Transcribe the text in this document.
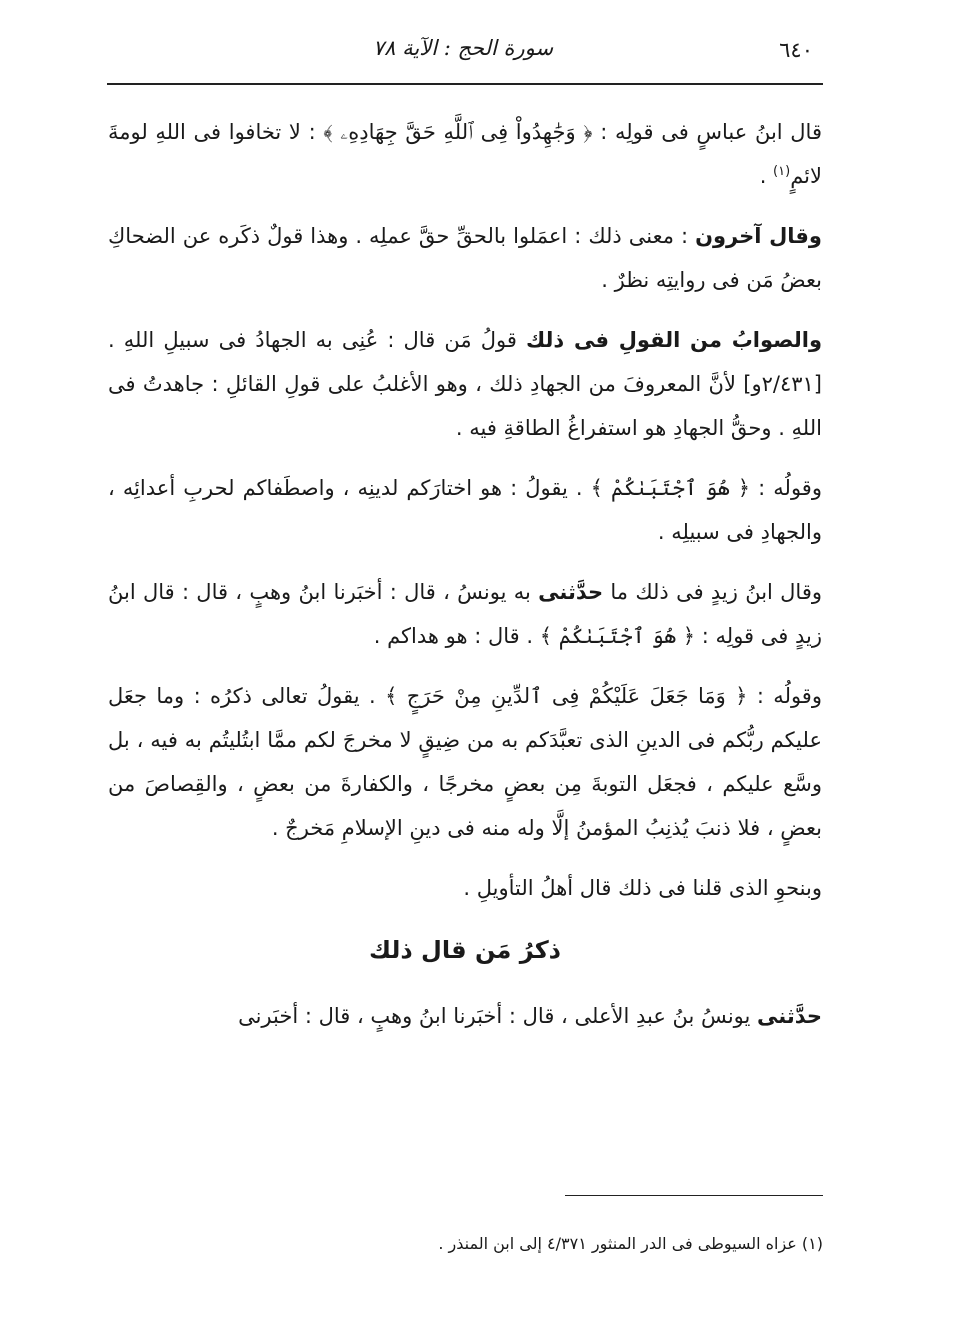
٦٤٠
سورة الحج : الآية ٧٨

قال ابنُ عباسٍ فى قولِه : ﴿ وَجَٰهِدُواْ فِى ٱللَّهِ حَقَّ جِهَادِهِۦ ﴾ : لا تخافوا فى اللهِ لومةَ لائمٍ$^{(١)}$ .

وقال آخرون : معنى ذلك : اعمَلوا بالحقِّ حقَّ عملِه . وهذا قولٌ ذكَره عن الضحاكِ بعضُ مَن فى روايتِه نظرٌ .

والصوابُ من القولِ فى ذلك قولُ مَن قال : عُنِى به الجهادُ فى سبيلِ اللهِ . [٢/٤٣١و] لأنَّ المعروفَ من الجهادِ ذلك ، وهو الأغلبُ على قولِ القائلِ : جاهدتُ فى اللهِ . وحقُّ الجهادِ هو استفراغُ الطاقةِ فيه .

وقولُه : ﴿ هُوَ ٱجْتَبَىٰكُمْ ﴾ . يقولُ : هو اختارَكم لدينِه ، واصطَفاكم لحربِ أعدائِه ، والجهادِ فى سبيلِه .

وقال ابنُ زيدٍ فى ذلك ما حدَّثنى به يونسُ ، قال : أخبَرنا ابنُ وهبٍ ، قال : قال ابنُ زيدٍ فى قولِه : ﴿ هُوَ ٱجْتَبَىٰكُمْ ﴾ . قال : هو هداكم .

وقولُه : ﴿ وَمَا جَعَلَ عَلَيْكُمْ فِى ٱلدِّينِ مِنْ حَرَجٍ ﴾ . يقولُ تعالى ذكرُه : وما جعَل عليكم ربُّكم فى الدينِ الذى تعبَّدَكم به من ضِيقٍ لا مخرجَ لكم ممَّا ابتُليتُم به فيه ، بل وسَّع عليكم ، فجعَل التوبةَ مِن بعضٍ مخرجًا ، والكفارةَ من بعضٍ ، والقِصاصَ من بعضٍ ، فلا ذنبَ يُذنِبُ المؤمنُ إلَّا وله منه فى دينِ الإسلامِ مَخرجٌ .

وبنحوِ الذى قلنا فى ذلك قال أهلُ التأويلِ .

ذكرُ مَن قال ذلك

حدَّثنى يونسُ بنُ عبدِ الأعلى ، قال : أخبَرنا ابنُ وهبٍ ، قال : أخبَرنى

(١) عزاه السيوطى فى الدر المنثور ٤/٣٧١ إلى ابن المنذر .
